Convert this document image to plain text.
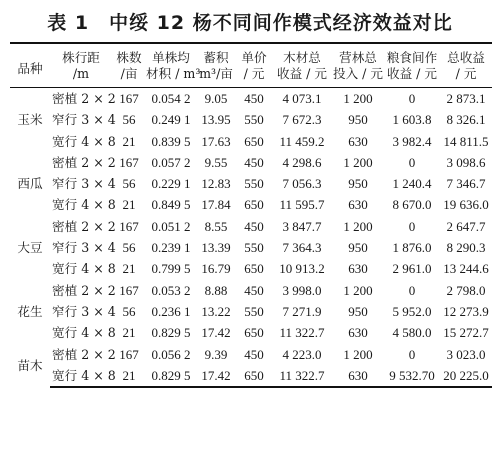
表 1　中绥 12 杨不同间作模式经济效益对比
品种	株行距	株数	单株均	蓄积	单价	木材总	营林总	粮食间作	总收益
	/m	/亩	材积 / m³	m³/亩	/ 元	收益 / 元	投入 / 元	收益 / 元	/ 元
玉米	密植 2 × 2	167	0.054 2	9.05	450	4 073.1	1 200	0	2 873.1
	窄行 3 × 4	56	0.249 1	13.95	550	7 672.3	950	1 603.8	8 326.1
	宽行 4 × 8	21	0.839 5	17.63	650	11 459.2	630	3 982.4	14 811.5
西瓜	密植 2 × 2	167	0.057 2	9.55	450	4 298.6	1 200	0	3 098.6
	窄行 3 × 4	56	0.229 1	12.83	550	7 056.3	950	1 240.4	7 346.7
	宽行 4 × 8	21	0.849 5	17.84	650	11 595.7	630	8 670.0	19 636.0
大豆	密植 2 × 2	167	0.051 2	8.55	450	3 847.7	1 200	0	2 647.7
	窄行 3 × 4	56	0.239 1	13.39	550	7 364.3	950	1 876.0	8 290.3
	宽行 4 × 8	21	0.799 5	16.79	650	10 913.2	630	2 961.0	13 244.6
花生	密植 2 × 2	167	0.053 2	8.88	450	3 998.0	1 200	0	2 798.0
	窄行 3 × 4	56	0.236 1	13.22	550	7 271.9	950	5 952.0	12 273.9
	宽行 4 × 8	21	0.829 5	17.42	650	11 322.7	630	4 580.0	15 272.7
苗木	密植 2 × 2	167	0.056 2	9.39	450	4 223.0	1 200	0	3 023.0
	宽行 4 × 8	21	0.829 5	17.42	650	11 322.7	630	9 532.70	20 225.0
